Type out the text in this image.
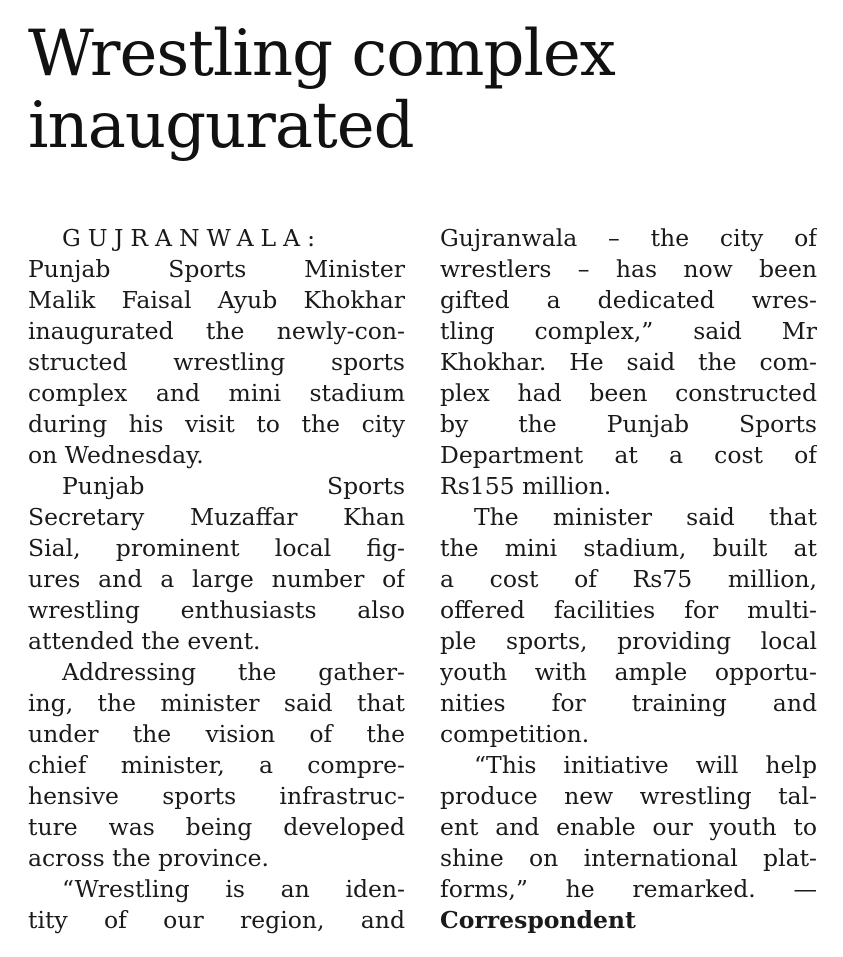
Wrestling complex
inaugurated
GUJRANWALA:
Punjab Sports Minister
Malik Faisal Ayub Khokhar
inaugurated the newly-con-
structed wrestling sports
complex and mini stadium
during his visit to the city
on Wednesday.
Punjab Sports
Secretary Muzaffar Khan
Sial, prominent local fig-
ures and a large number of
wrestling enthusiasts also
attended the event.
Addressing the gather-
ing, the minister said that
under the vision of the
chief minister, a compre-
hensive sports infrastruc-
ture was being developed
across the province.
“Wrestling is an iden-
tity of our region, and
Gujranwala – the city of
wrestlers – has now been
gifted a dedicated wres-
tling complex,” said Mr
Khokhar. He said the com-
plex had been constructed
by the Punjab Sports
Department at a cost of
Rs155 million.
The minister said that
the mini stadium, built at
a cost of Rs75 million,
offered facilities for multi-
ple sports, providing local
youth with ample opportu-
nities for training and
competition.
“This initiative will help
produce new wrestling tal-
ent and enable our youth to
shine on international plat-
forms,” he remarked. —
Correspondent
